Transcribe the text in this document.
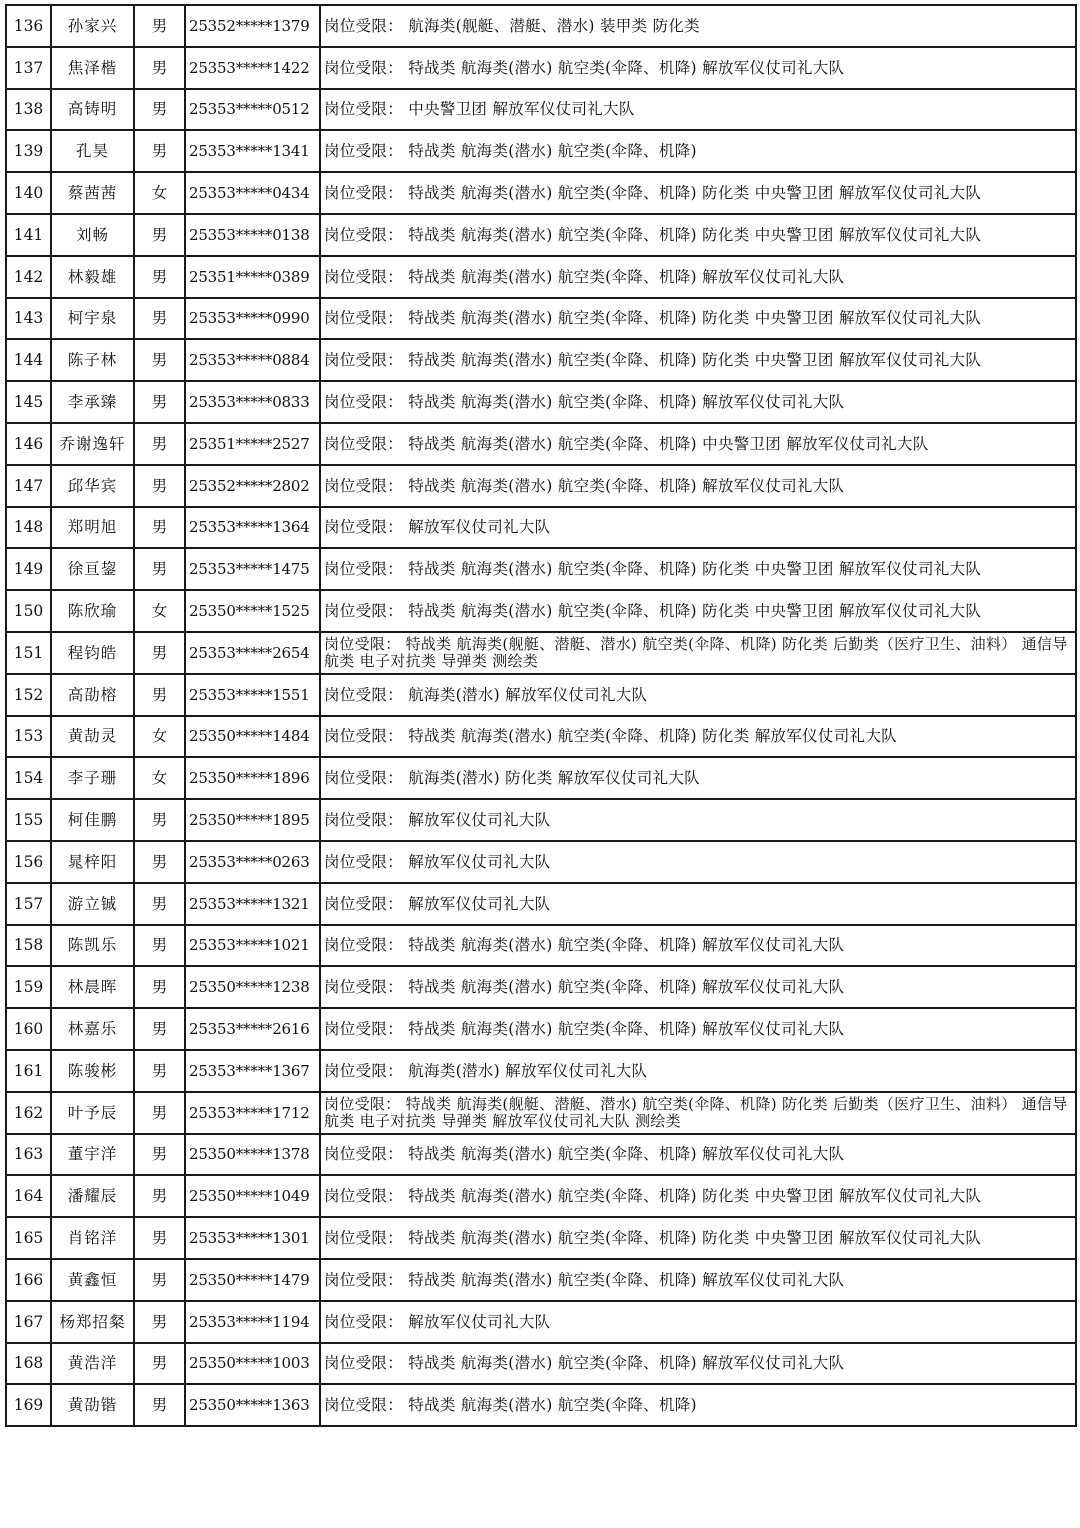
136	孙家兴	男	25352*****1379	岗位受限： 航海类(舰艇、潜艇、潜水) 装甲类 防化类
137	焦泽楷	男	25353*****1422	岗位受限： 特战类 航海类(潜水) 航空类(伞降、机降) 解放军仪仗司礼大队
138	高铸明	男	25353*****0512	岗位受限： 中央警卫团 解放军仪仗司礼大队
139	孔昊	男	25353*****1341	岗位受限： 特战类 航海类(潜水) 航空类(伞降、机降)
140	蔡茜茜	女	25353*****0434	岗位受限： 特战类 航海类(潜水) 航空类(伞降、机降) 防化类 中央警卫团 解放军仪仗司礼大队
141	刘畅	男	25353*****0138	岗位受限： 特战类 航海类(潜水) 航空类(伞降、机降) 防化类 中央警卫团 解放军仪仗司礼大队
142	林毅雄	男	25351*****0389	岗位受限： 特战类 航海类(潜水) 航空类(伞降、机降) 解放军仪仗司礼大队
143	柯宇泉	男	25353*****0990	岗位受限： 特战类 航海类(潜水) 航空类(伞降、机降) 防化类 中央警卫团 解放军仪仗司礼大队
144	陈子林	男	25353*****0884	岗位受限： 特战类 航海类(潜水) 航空类(伞降、机降) 防化类 中央警卫团 解放军仪仗司礼大队
145	李承臻	男	25353*****0833	岗位受限： 特战类 航海类(潜水) 航空类(伞降、机降) 解放军仪仗司礼大队
146	乔谢逸轩	男	25351*****2527	岗位受限： 特战类 航海类(潜水) 航空类(伞降、机降) 中央警卫团 解放军仪仗司礼大队
147	邱华宾	男	25352*****2802	岗位受限： 特战类 航海类(潜水) 航空类(伞降、机降) 解放军仪仗司礼大队
148	郑明旭	男	25353*****1364	岗位受限： 解放军仪仗司礼大队
149	徐亘鋆	男	25353*****1475	岗位受限： 特战类 航海类(潜水) 航空类(伞降、机降) 防化类 中央警卫团 解放军仪仗司礼大队
150	陈欣瑜	女	25350*****1525	岗位受限： 特战类 航海类(潜水) 航空类(伞降、机降) 防化类 中央警卫团 解放军仪仗司礼大队
151	程钧皓	男	25353*****2654	岗位受限： 特战类 航海类(舰艇、潜艇、潜水) 航空类(伞降、机降) 防化类 后勤类（医疗卫生、油料） 通信导航类 电子对抗类 导弹类 测绘类
152	高劭榕	男	25353*****1551	岗位受限： 航海类(潜水) 解放军仪仗司礼大队
153	黄劼灵	女	25350*****1484	岗位受限： 特战类 航海类(潜水) 航空类(伞降、机降) 防化类 解放军仪仗司礼大队
154	李子珊	女	25350*****1896	岗位受限： 航海类(潜水) 防化类 解放军仪仗司礼大队
155	柯佳鹏	男	25350*****1895	岗位受限： 解放军仪仗司礼大队
156	晁梓阳	男	25353*****0263	岗位受限： 解放军仪仗司礼大队
157	游立铖	男	25353*****1321	岗位受限： 解放军仪仗司礼大队
158	陈凯乐	男	25353*****1021	岗位受限： 特战类 航海类(潜水) 航空类(伞降、机降) 解放军仪仗司礼大队
159	林晨晖	男	25350*****1238	岗位受限： 特战类 航海类(潜水) 航空类(伞降、机降) 解放军仪仗司礼大队
160	林嘉乐	男	25353*****2616	岗位受限： 特战类 航海类(潜水) 航空类(伞降、机降) 解放军仪仗司礼大队
161	陈骏彬	男	25353*****1367	岗位受限： 航海类(潜水) 解放军仪仗司礼大队
162	叶予辰	男	25353*****1712	岗位受限： 特战类 航海类(舰艇、潜艇、潜水) 航空类(伞降、机降) 防化类 后勤类（医疗卫生、油料） 通信导航类 电子对抗类 导弹类 解放军仪仗司礼大队 测绘类
163	董宇洋	男	25350*****1378	岗位受限： 特战类 航海类(潜水) 航空类(伞降、机降) 解放军仪仗司礼大队
164	潘耀辰	男	25350*****1049	岗位受限： 特战类 航海类(潜水) 航空类(伞降、机降) 防化类 中央警卫团 解放军仪仗司礼大队
165	肖铭洋	男	25353*****1301	岗位受限： 特战类 航海类(潜水) 航空类(伞降、机降) 防化类 中央警卫团 解放军仪仗司礼大队
166	黄鑫恒	男	25350*****1479	岗位受限： 特战类 航海类(潜水) 航空类(伞降、机降) 解放军仪仗司礼大队
167	杨郑招粲	男	25353*****1194	岗位受限： 解放军仪仗司礼大队
168	黄浩洋	男	25350*****1003	岗位受限： 特战类 航海类(潜水) 航空类(伞降、机降) 解放军仪仗司礼大队
169	黄劭锴	男	25350*****1363	岗位受限： 特战类 航海类(潜水) 航空类(伞降、机降)
